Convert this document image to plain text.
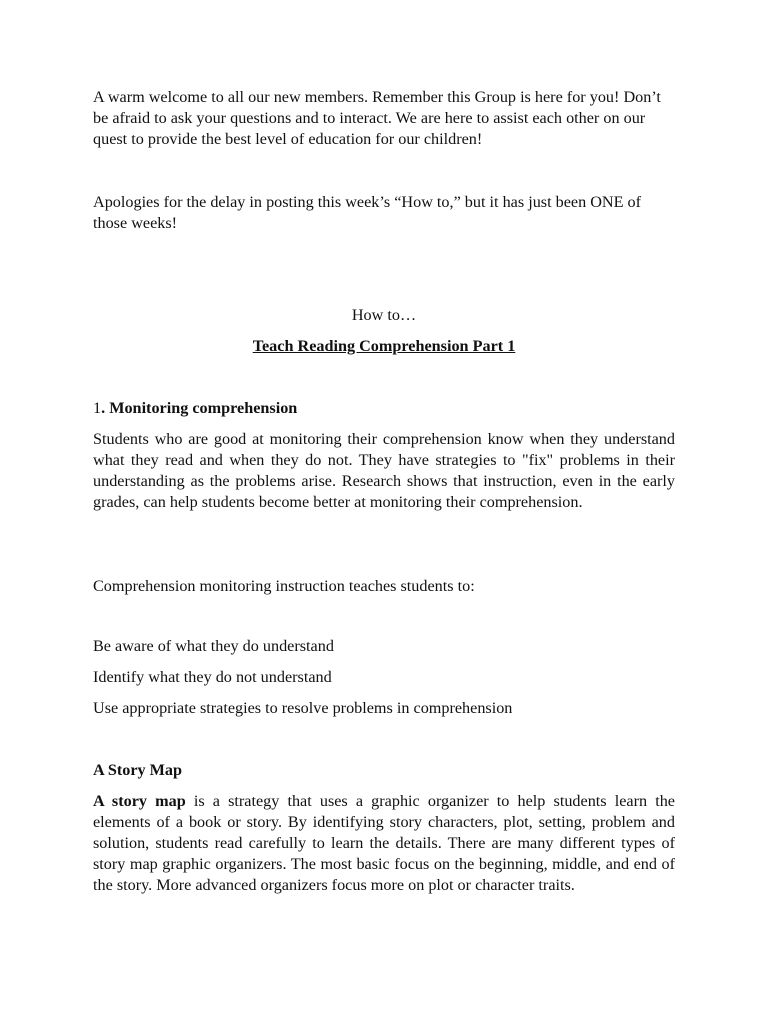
A warm welcome to all our new members. Remember this Group is here for you! Don’t be afraid to ask your questions and to interact. We are here to assist each other on our quest to provide the best level of education for our children!

Apologies for the delay in posting this week’s “How to,” but it has just been ONE of those weeks!

How to…

Teach Reading Comprehension Part 1

1. Monitoring comprehension

Students who are good at monitoring their comprehension know when they understand what they read and when they do not. They have strategies to "fix" problems in their understanding as the problems arise. Research shows that instruction, even in the early grades, can help students become better at monitoring their comprehension.

Comprehension monitoring instruction teaches students to:

Be aware of what they do understand

Identify what they do not understand

Use appropriate strategies to resolve problems in comprehension

A Story Map

A story map is a strategy that uses a graphic organizer to help students learn the elements of a book or story. By identifying story characters, plot, setting, problem and solution, students read carefully to learn the details. There are many different types of story map graphic organizers. The most basic focus on the beginning, middle, and end of the story. More advanced organizers focus more on plot or character traits.
